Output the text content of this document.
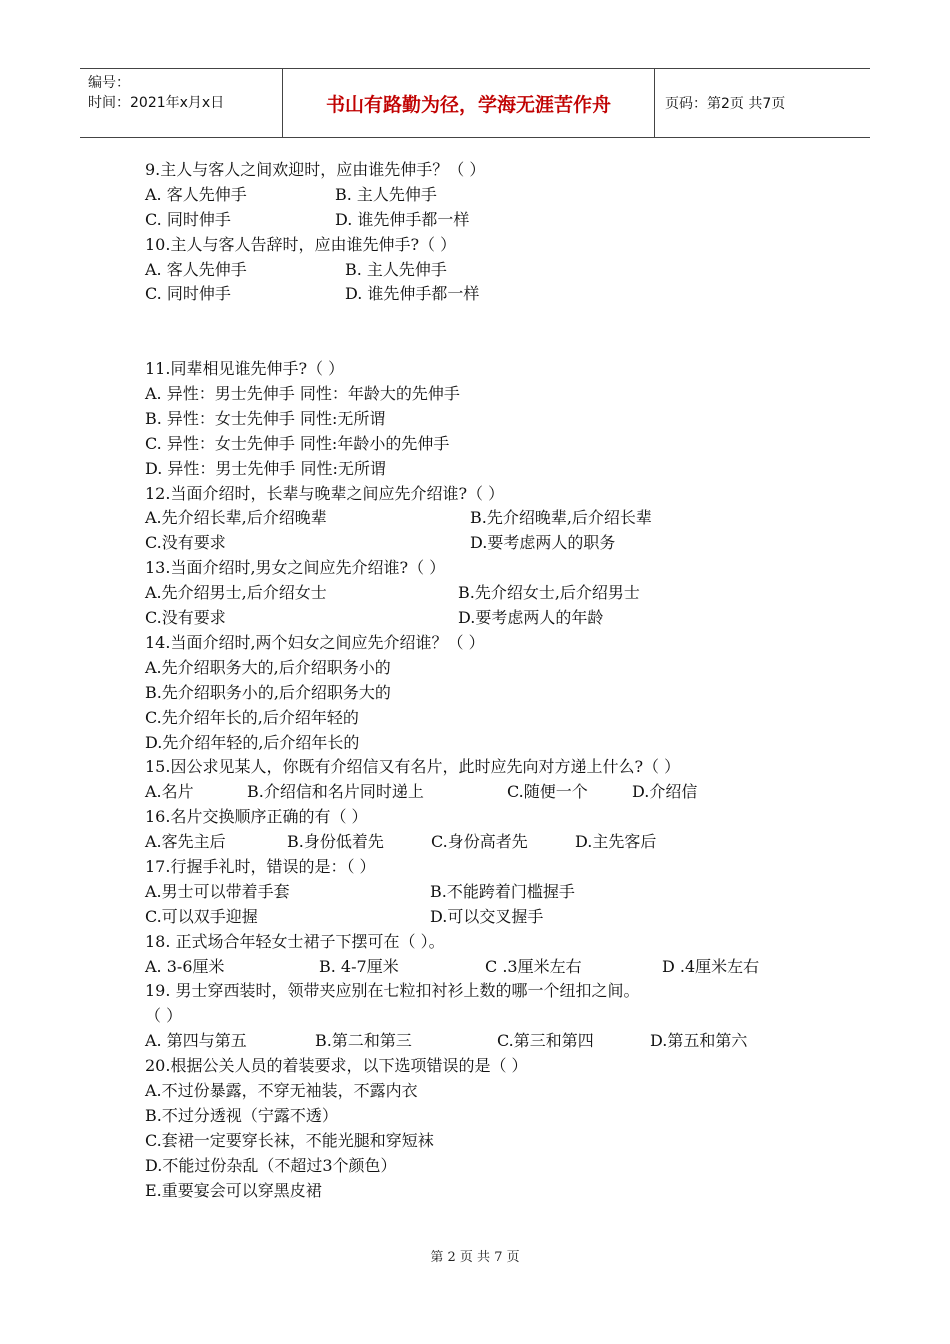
编号：
时间：2021年x月x日	书山有路勤为径，学海无涯苦作舟	页码：第2页 共7页
9.主人与客人之间欢迎时，应由谁先伸手？（ ）
A. 客人先伸手	B. 主人先伸手
C. 同时伸手	D. 谁先伸手都一样
10.主人与客人告辞时，应由谁先伸手?（ ）
A. 客人先伸手	B. 主人先伸手
C. 同时伸手	D. 谁先伸手都一样
11.同辈相见谁先伸手?（ ）
A. 异性：男士先伸手 同性：年龄大的先伸手
B. 异性：女士先伸手 同性:无所谓
C. 异性：女士先伸手 同性:年龄小的先伸手
D. 异性：男士先伸手 同性:无所谓
12.当面介绍时，长辈与晚辈之间应先介绍谁?（ ）
A.先介绍长辈,后介绍晚辈	B.先介绍晚辈,后介绍长辈
C.没有要求	D.要考虑两人的职务
13.当面介绍时,男女之间应先介绍谁?（ ）
A.先介绍男士,后介绍女士	B.先介绍女士,后介绍男士
C.没有要求	D.要考虑两人的年龄
14.当面介绍时,两个妇女之间应先介绍谁？（ ）
A.先介绍职务大的,后介绍职务小的
B.先介绍职务小的,后介绍职务大的
C.先介绍年长的,后介绍年轻的
D.先介绍年轻的,后介绍年长的
15.因公求见某人，你既有介绍信又有名片，此时应先向对方递上什么?（ ）
A.名片	B.介绍信和名片同时递上	C.随便一个	D.介绍信
16.名片交换顺序正确的有（ ）
A.客先主后	B.身份低着先	C.身份高者先	D.主先客后
17.行握手礼时，错误的是：（ ）
A.男士可以带着手套	B.不能跨着门槛握手
C.可以双手迎握	D.可以交叉握手
18. 正式场合年轻女士裙子下摆可在（ ）。
A. 3-6厘米	B. 4-7厘米	C .3厘米左右	D .4厘米左右
19. 男士穿西装时，领带夹应别在七粒扣衬衫上数的哪一个纽扣之间。
（ ）
A. 第四与第五	B.第二和第三	C.第三和第四	D.第五和第六
20.根据公关人员的着装要求，以下选项错误的是（ ）
A.不过份暴露，不穿无袖装，不露内衣
B.不过分透视（宁露不透）
C.套裙一定要穿长袜，不能光腿和穿短袜
D.不能过份杂乱（不超过3个颜色）
E.重要宴会可以穿黑皮裙
第 2 页 共 7 页
